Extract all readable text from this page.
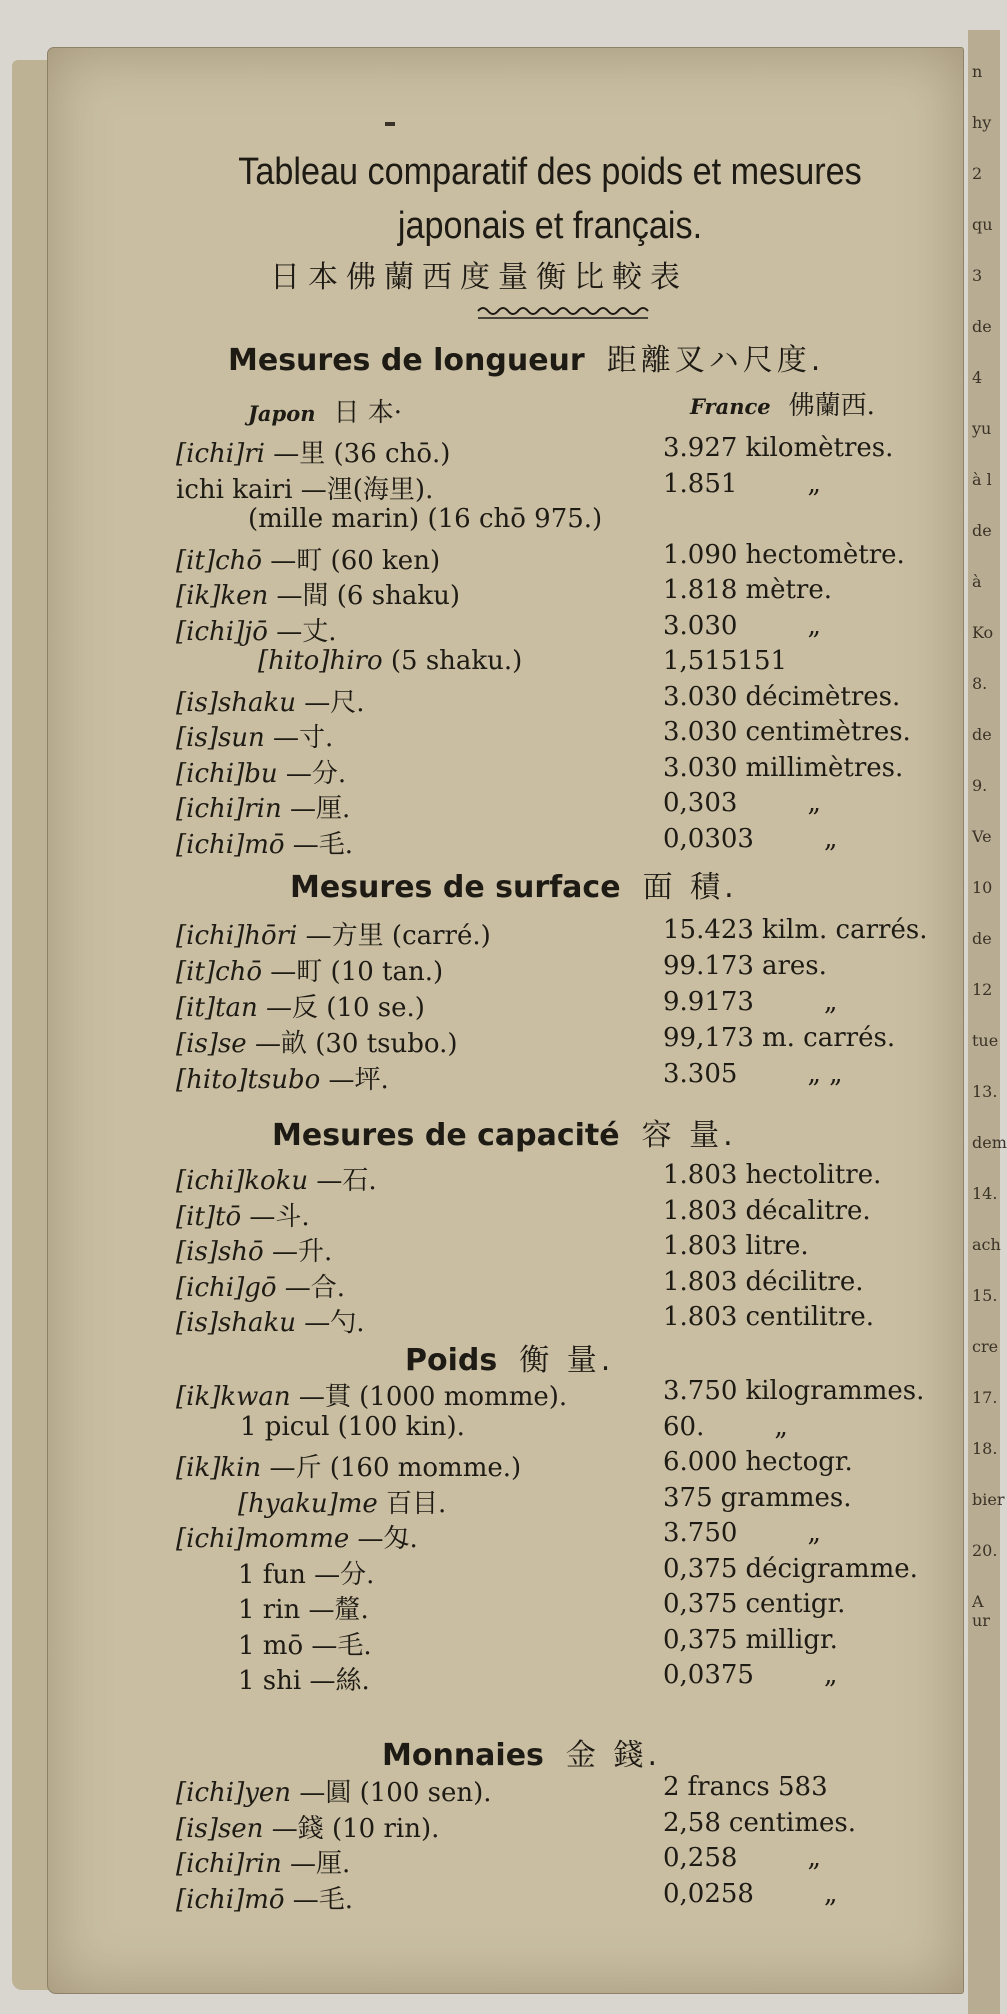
n
hy
2
qu
3
de
4
yu
à l
de
à
Ko
8.
de
9.
Ve
10
de
12
tue
13.
dem
14.
ach
15.
cre
17.
18.
bier
20.
A ur
Tableau comparatif des poids et mesures
japonais et français.
日本佛蘭西度量衡比較表
Japon 日 本·	France 佛蘭西.
Mesures de longueur 距離叉ハ尺度.
[ichi]ri —里 (36 chō.)	3.927 kilomètres.
ichi kairi —浬(海里).	1.851	„
(mille marin) (16 chō 975.)
[it]chō —町 (60 ken)	1.090 hectomètre.
[ik]ken —間 (6 shaku)	1.818 mètre.
[ichi]jō —丈.	3.030	„
[hito]hiro (5 shaku.)	1,515151
[is]shaku —尺.	3.030 décimètres.
[is]sun —寸.	3.030 centimètres.
[ichi]bu —分.	3.030 millimètres.
[ichi]rin —厘.	0,303	„
[ichi]mō —毛.	0,0303	„
Mesures de surface 面 積.
[ichi]hōri —方里 (carré.)	15.423 kilm. carrés.
[it]chō —町 (10 tan.)	99.173 ares.
[it]tan —反 (10 se.)	9.9173	„
[is]se —畝 (30 tsubo.)	99,173 m. carrés.
[hito]tsubo —坪.	3.305	„ „
Mesures de capacité 容 量.
[ichi]koku —石.	1.803 hectolitre.
[it]tō —斗.	1.803 décalitre.
[is]shō —升.	1.803 litre.
[ichi]gō —合.	1.803 décilitre.
[is]shaku —勺.	1.803 centilitre.
Poids 衡 量.
[ik]kwan —貫 (1000 momme).	3.750 kilogrammes.
1 picul (100 kin).	60.	„
[ik]kin —斤 (160 momme.)	6.000 hectogr.
[hyaku]me 百目.	375 grammes.
[ichi]momme —匁.	3.750	„
1 fun —分.	0,375 décigramme.
1 rin —釐.	0,375 centigr.
1 mō —毛.	0,375 milligr.
1 shi —絲.	0,0375	„
Monnaies 金 錢.
[ichi]yen —圓 (100 sen).	2 francs 583
[is]sen —錢 (10 rin).	2,58 centimes.
[ichi]rin —厘.	0,258	„
[ichi]mō —毛.	0,0258	„
